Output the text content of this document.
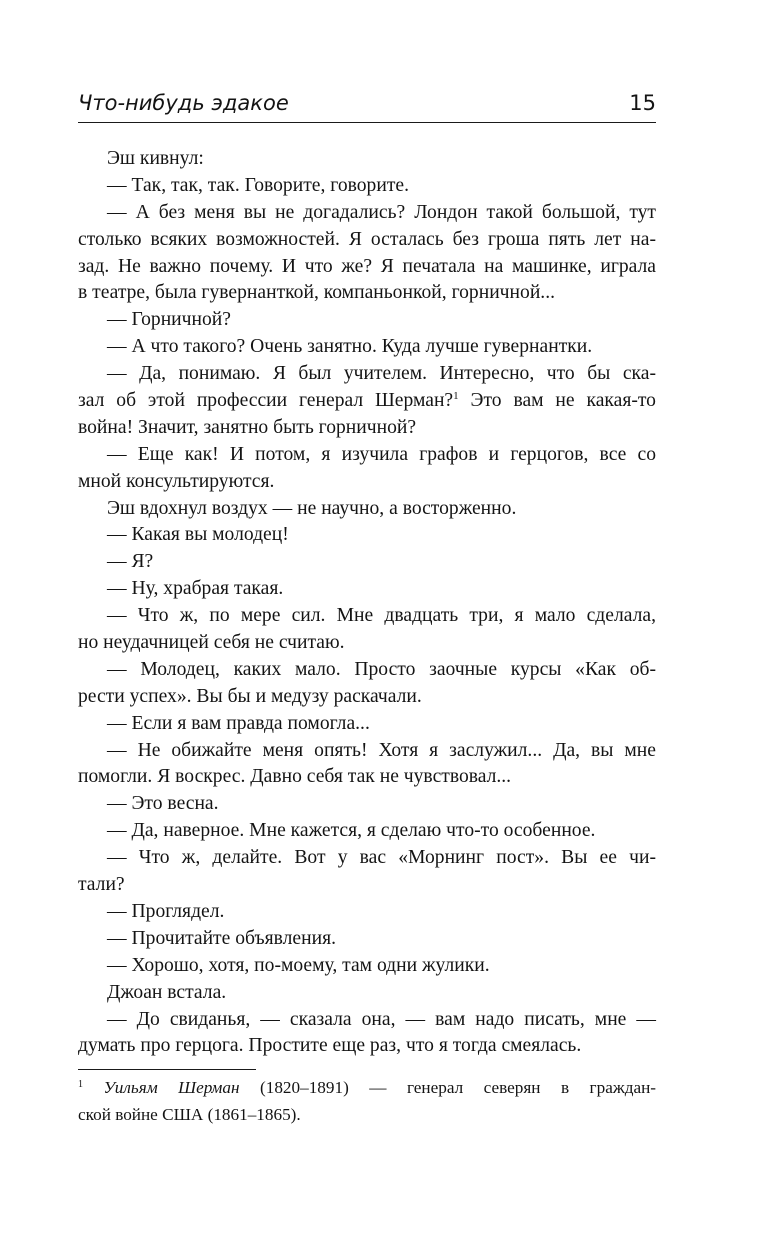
Что-нибудь эдакое	15
Эш кивнул:
— Так, так, так. Говорите, говорите.
— А без меня вы не догадались? Лондон такой большой, тут
столько всяких возможностей. Я осталась без гроша пять лет на-
зад. Не важно почему. И что же? Я печатала на машинке, играла
в театре, была гувернанткой, компаньонкой, горничной...
— Горничной?
— А что такого? Очень занятно. Куда лучше гувернантки.
— Да, понимаю. Я был учителем. Интересно, что бы ска-
зал об этой профессии генерал Шерман?$^1$ Это вам не какая-то
война! Значит, занятно быть горничной?
— Еще как! И потом, я изучила графов и герцогов, все со
мной консультируются.
Эш вдохнул воздух — не научно, а восторженно.
— Какая вы молодец!
— Я?
— Ну, храбрая такая.
— Что ж, по мере сил. Мне двадцать три, я мало сделала,
но неудачницей себя не считаю.
— Молодец, каких мало. Просто заочные курсы «Как об-
рести успех». Вы бы и медузу раскачали.
— Если я вам правда помогла...
— Не обижайте меня опять! Хотя я заслужил... Да, вы мне
помогли. Я воскрес. Давно себя так не чувствовал...
— Это весна.
— Да, наверное. Мне кажется, я сделаю что-то особенное.
— Что ж, делайте. Вот у вас «Морнинг пост». Вы ее чи-
тали?
— Проглядел.
— Прочитайте объявления.
— Хорошо, хотя, по-моему, там одни жулики.
Джоан встала.
— До свиданья, — сказала она, — вам надо писать, мне —
думать про герцога. Простите еще раз, что я тогда смеялась.
$^1$ Уильям Шерман (1820–1891) — генерал северян в граждан-
ской войне США (1861–1865).
